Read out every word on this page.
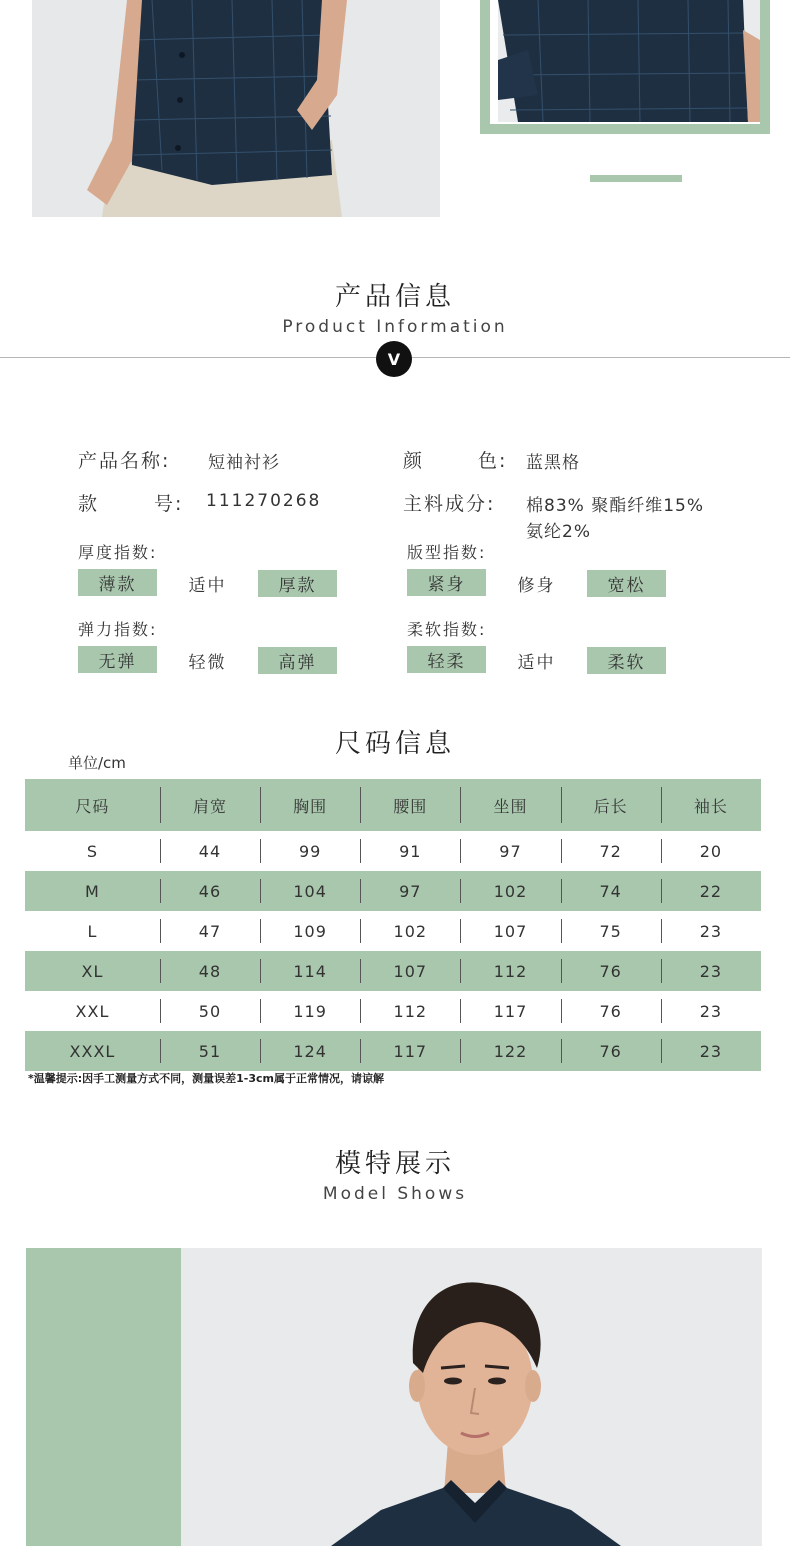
产品信息
Product Information
V
产品名称: 短袖衬衫	颜	色: 蓝黑格
款	号: 111270268	主料成分: 棉83% 聚酯纤维15%
氨纶2%
厚度指数:
薄款	适中	厚款
版型指数:
紧身	修身	宽松
弹力指数:
无弹	轻微	高弹
柔软指数:
轻柔	适中	柔软
尺码信息
单位/cm
尺码	肩宽	胸围	腰围	坐围	后长	袖长
S	44	99	91	97	72	20
M	46	104	97	102	74	22
L	47	109	102	107	75	23
XL	48	114	107	112	76	23
XXL	50	119	112	117	76	23
XXXL	51	124	117	122	76	23
*温馨提示:因手工测量方式不同，测量误差1-3cm属于正常情况，请谅解
模特展示
Model Shows
